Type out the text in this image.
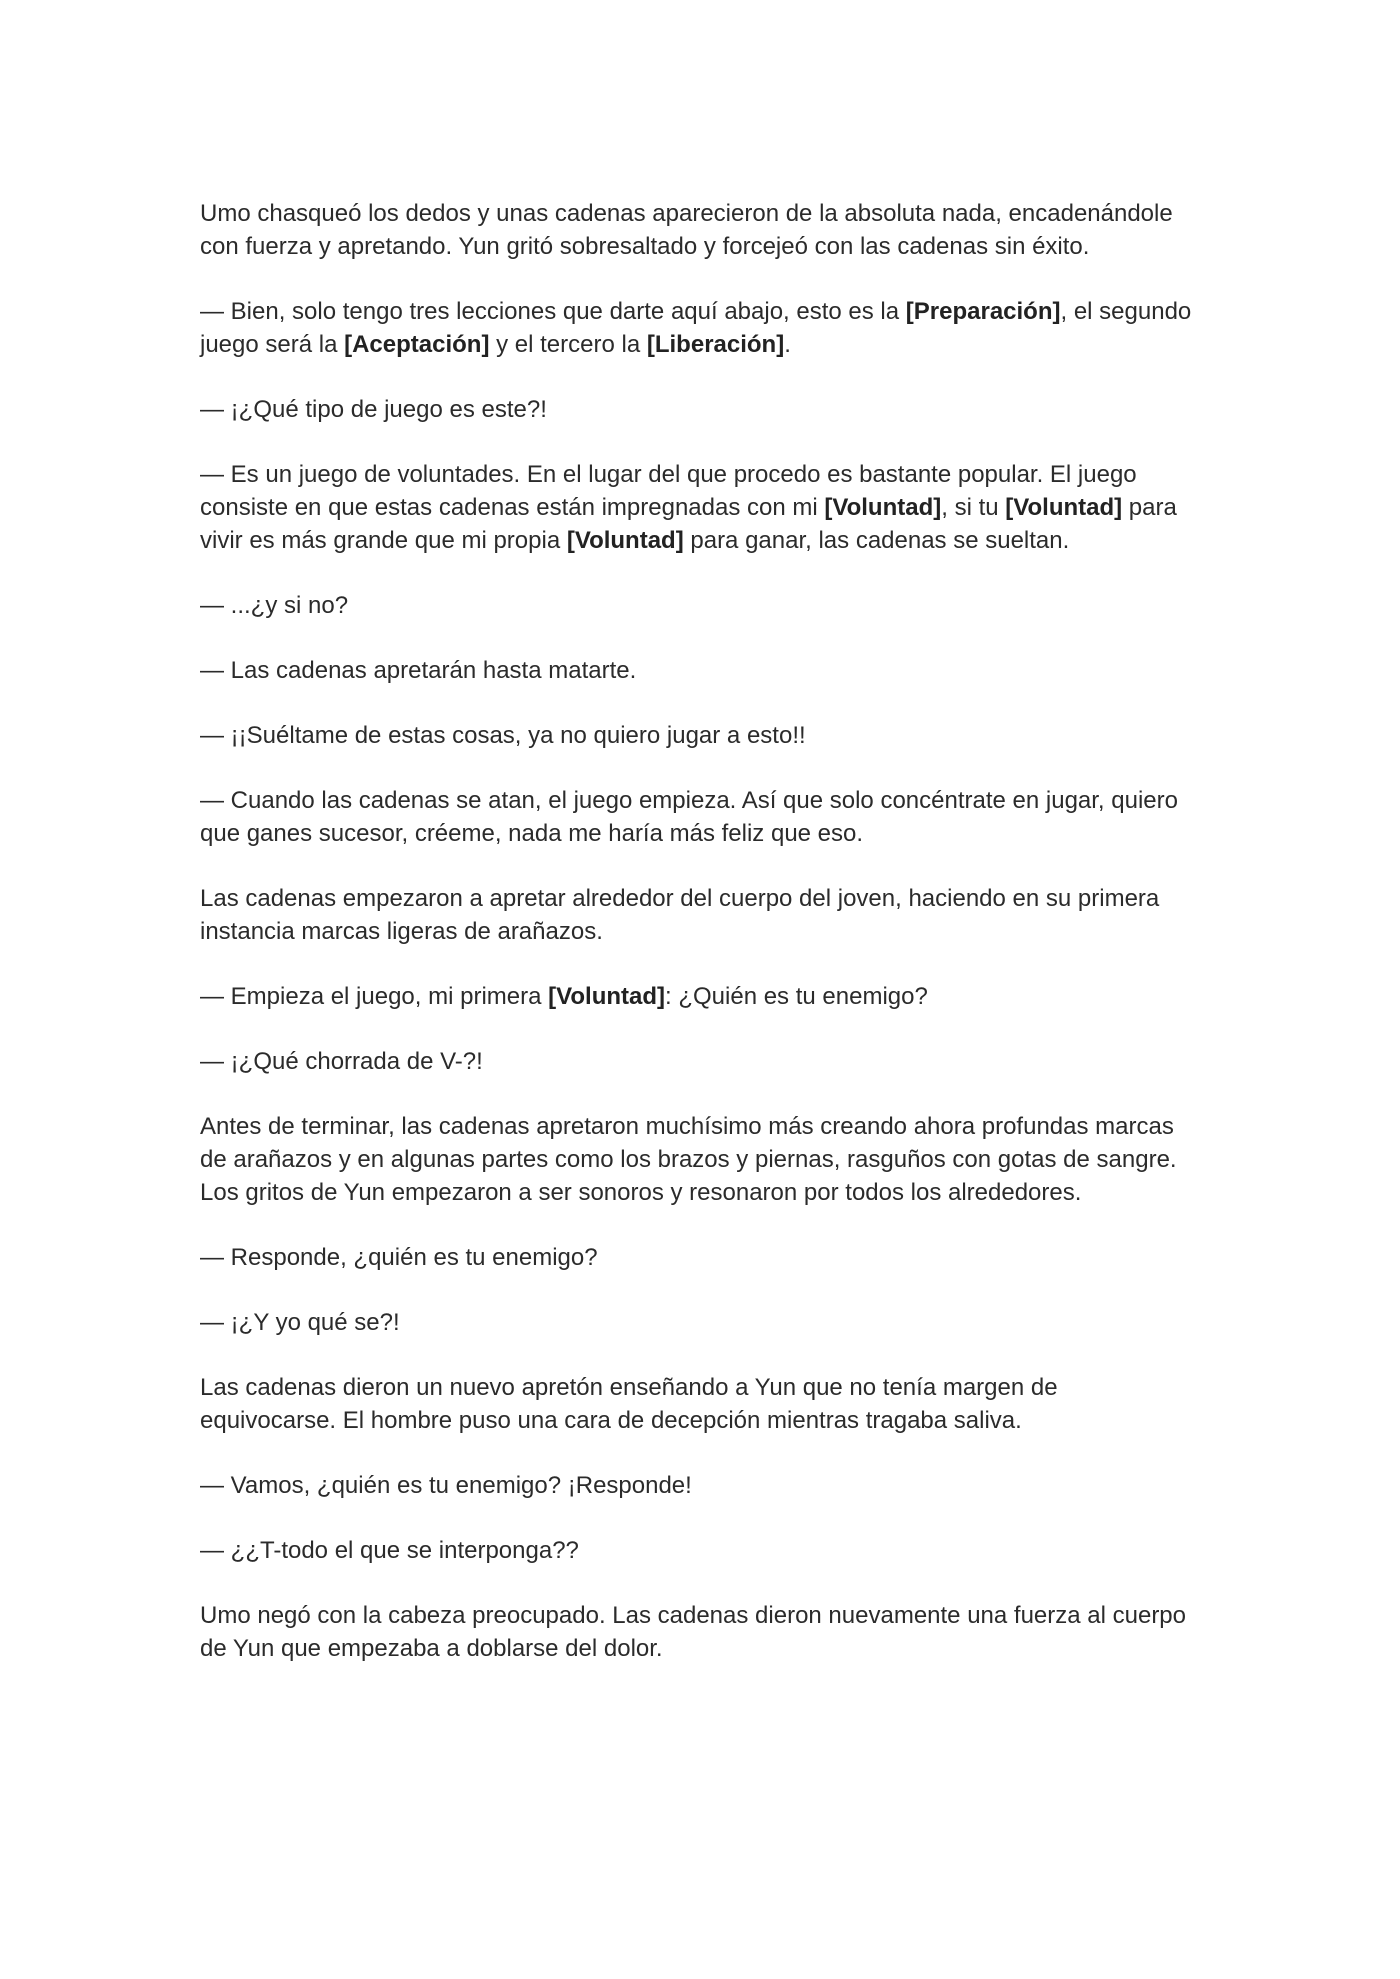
Umo chasqueó los dedos y unas cadenas aparecieron de la absoluta nada, encadenándole con fuerza y apretando. Yun gritó sobresaltado y forcejeó con las cadenas sin éxito.

— Bien, solo tengo tres lecciones que darte aquí abajo, esto es la [Preparación], el segundo juego será la [Aceptación] y el tercero la [Liberación].

— ¡¿Qué tipo de juego es este?!

— Es un juego de voluntades. En el lugar del que procedo es bastante popular. El juego consiste en que estas cadenas están impregnadas con mi [Voluntad], si tu [Voluntad] para vivir es más grande que mi propia [Voluntad] para ganar, las cadenas se sueltan.

— ...¿y si no?

— Las cadenas apretarán hasta matarte.

— ¡¡Suéltame de estas cosas, ya no quiero jugar a esto!!

— Cuando las cadenas se atan, el juego empieza. Así que solo concéntrate en jugar, quiero que ganes sucesor, créeme, nada me haría más feliz que eso.

Las cadenas empezaron a apretar alrededor del cuerpo del joven, haciendo en su primera instancia marcas ligeras de arañazos.

— Empieza el juego, mi primera [Voluntad]: ¿Quién es tu enemigo?

— ¡¿Qué chorrada de V-?!

Antes de terminar, las cadenas apretaron muchísimo más creando ahora profundas marcas de arañazos y en algunas partes como los brazos y piernas, rasguños con gotas de sangre. Los gritos de Yun empezaron a ser sonoros y resonaron por todos los alrededores.

— Responde, ¿quién es tu enemigo?

— ¡¿Y yo qué se?!

Las cadenas dieron un nuevo apretón enseñando a Yun que no tenía margen de equivocarse. El hombre puso una cara de decepción mientras tragaba saliva.

— Vamos, ¿quién es tu enemigo? ¡Responde!

— ¿¿T-todo el que se interponga??

Umo negó con la cabeza preocupado. Las cadenas dieron nuevamente una fuerza al cuerpo de Yun que empezaba a doblarse del dolor.
